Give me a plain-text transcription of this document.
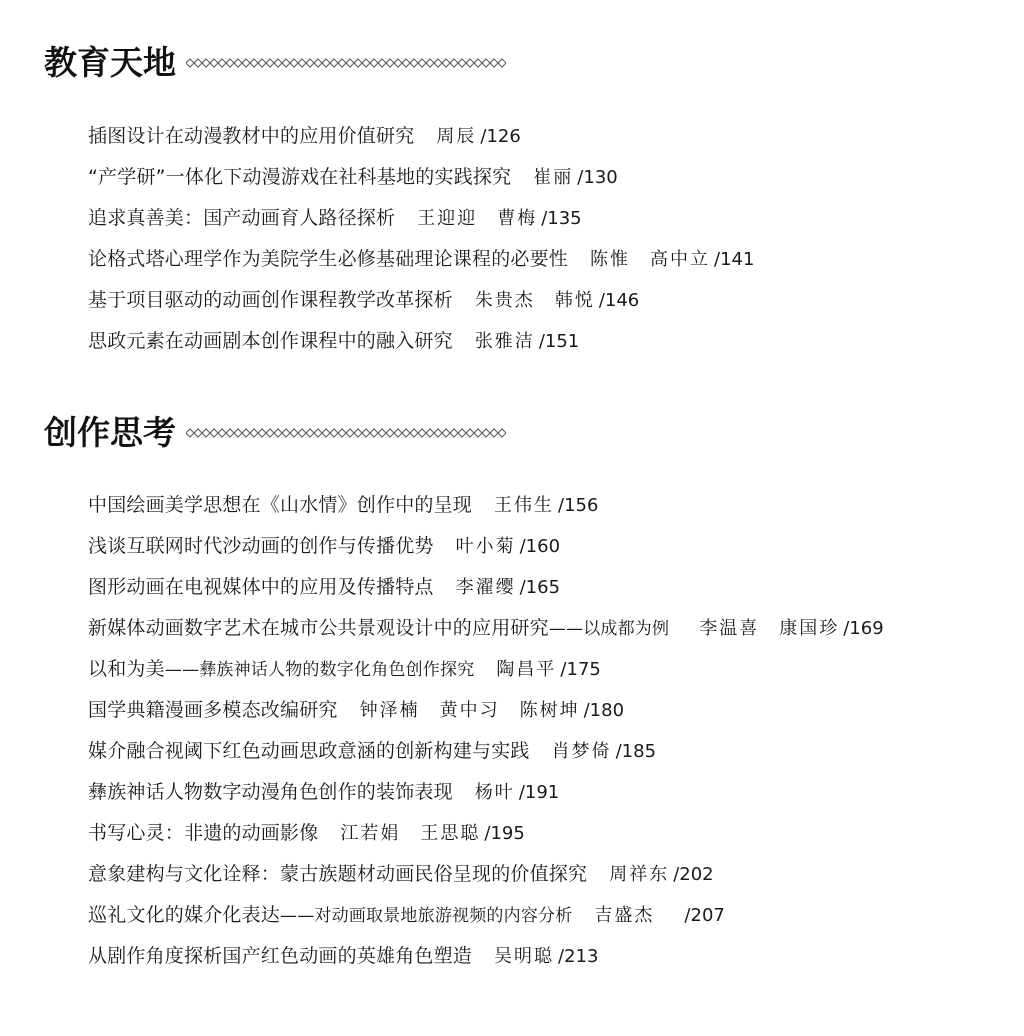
教育天地
插图设计在动漫教材中的应用价值研究 周辰 /126
“产学研”一体化下动漫游戏在社科基地的实践探究 崔丽 /130
追求真善美：国产动画育人路径探析 王迎迎 曹梅 /135
论格式塔心理学作为美院学生必修基础理论课程的必要性 陈惟 高中立 /141
基于项目驱动的动画创作课程教学改革探析 朱贵杰 韩悦 /146
思政元素在动画剧本创作课程中的融入研究 张雅洁 /151
创作思考
中国绘画美学思想在《山水情》创作中的呈现 王伟生 /156
浅谈互联网时代沙动画的创作与传播优势 叶小菊 /160
图形动画在电视媒体中的应用及传播特点 李濯缨 /165
新媒体动画数字艺术在城市公共景观设计中的应用研究——以成都为例 李温喜 康国珍 /169
以和为美——彝族神话人物的数字化角色创作探究 陶昌平 /175
国学典籍漫画多模态改编研究 钟泽楠 黄中习 陈树坤 /180
媒介融合视阈下红色动画思政意涵的创新构建与实践 肖梦倚 /185
彝族神话人物数字动漫角色创作的装饰表现 杨叶 /191
书写心灵：非遗的动画影像 江若娟 王思聪 /195
意象建构与文化诠释：蒙古族题材动画民俗呈现的价值探究 周祥东 /202
巡礼文化的媒介化表达——对动画取景地旅游视频的内容分析 吉盛杰 /207
从剧作角度探析国产红色动画的英雄角色塑造 吴明聪 /213
